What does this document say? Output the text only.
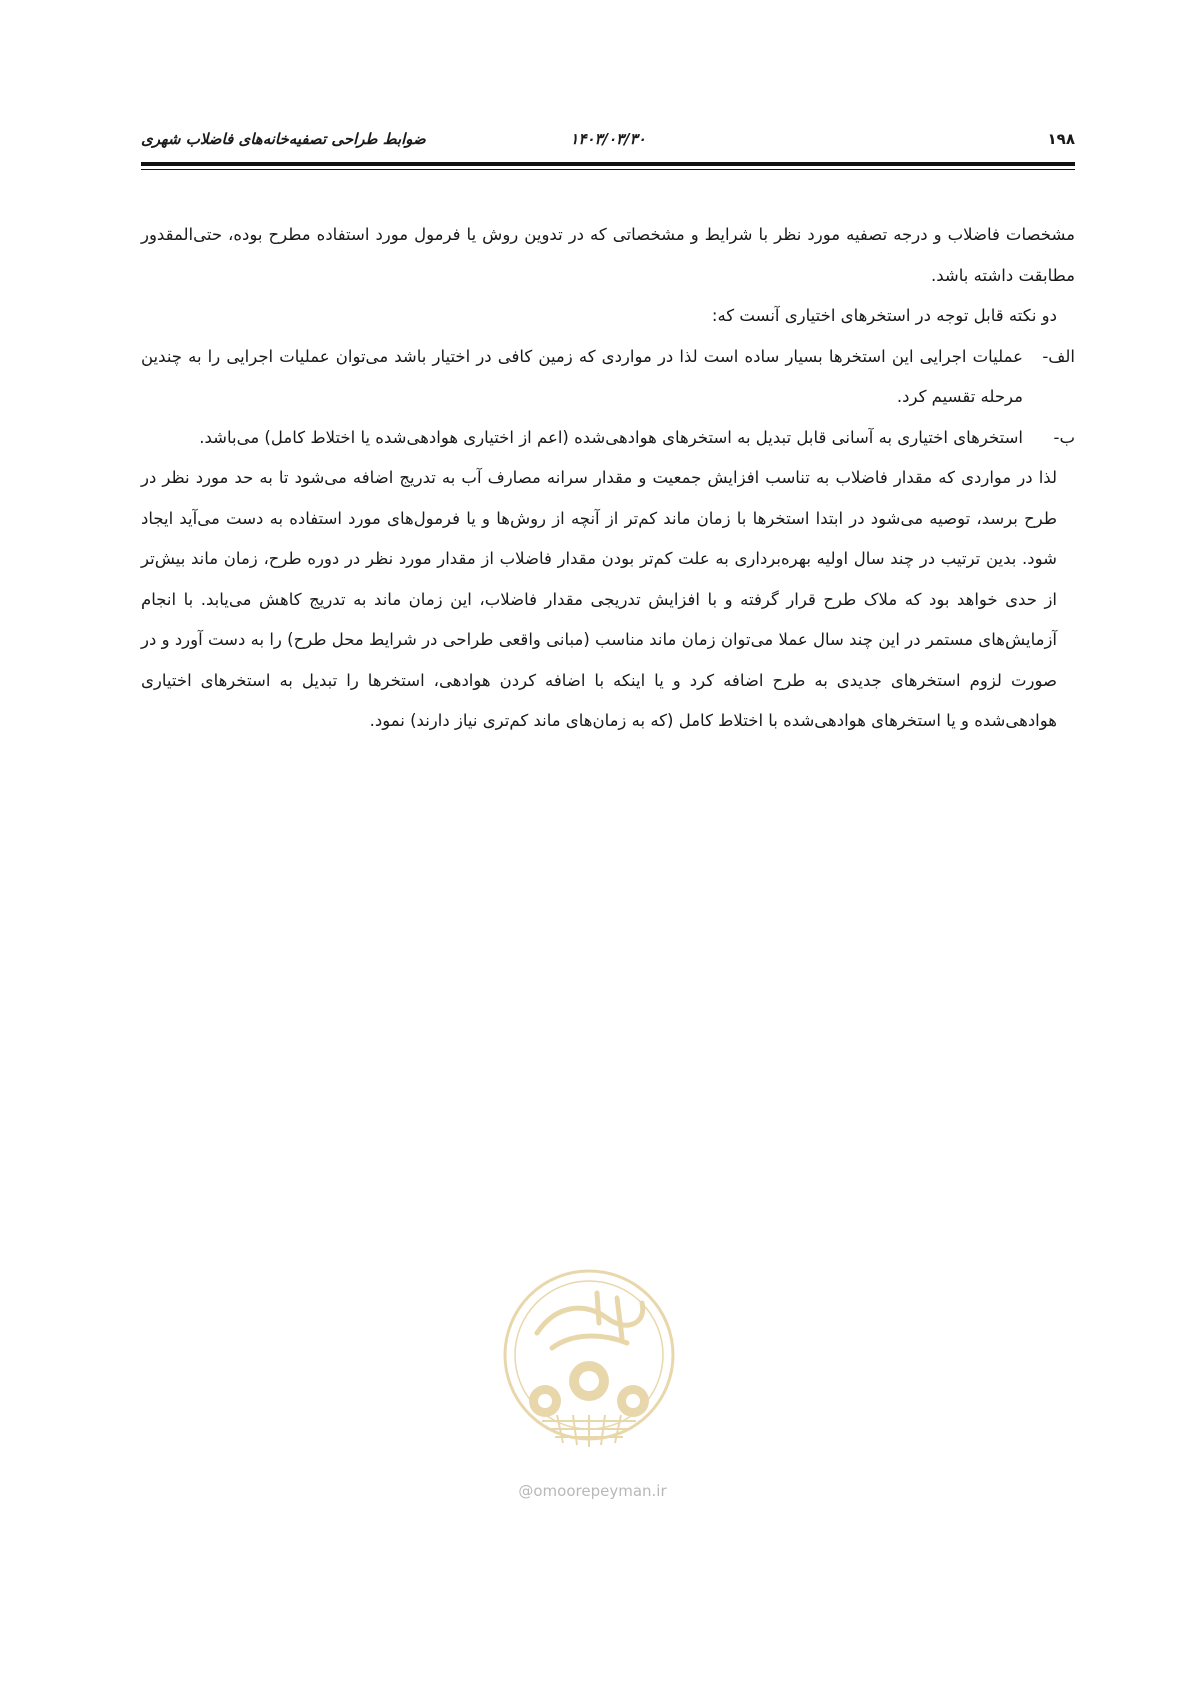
۱۹۸
۱۴۰۳/۰۳/۳۰
ضوابط طراحی تصفیه‌خانه‌های فاضلاب شهری

مشخصات فاضلاب و درجه تصفیه مورد نظر با شرایط و مشخصاتی که در تدوین روش یا فرمول مورد استفاده مطرح بوده، حتی‌المقدور مطابقت داشته باشد.

دو نکته قابل توجه در استخرهای اختیاری آنست که:

الف-
عملیات اجرایی این استخرها بسیار ساده است لذا در مواردی که زمین کافی در اختیار باشد می‌توان عملیات اجرایی را به چندین مرحله تقسیم کرد.

ب-
استخرهای اختیاری به آسانی قابل تبدیل به استخرهای هوادهی‌شده (اعم از اختیاری هوادهی‌شده یا اختلاط کامل) می‌باشد.

لذا در مواردی که مقدار فاضلاب به تناسب افزایش جمعیت و مقدار سرانه مصارف آب به تدریج اضافه می‌شود تا به حد مورد نظر در طرح برسد، توصیه می‌شود در ابتدا استخرها با زمان ماند کم‌تر از آنچه از روش‌ها و یا فرمول‌های مورد استفاده به دست می‌آید ایجاد شود. بدین ترتیب در چند سال اولیه بهره‌برداری به علت کم‌تر بودن مقدار فاضلاب از مقدار مورد نظر در دوره طرح، زمان ماند بیش‌تر از حدی خواهد بود که ملاک طرح قرار گرفته و با افزایش تدریجی مقدار فاضلاب، این زمان ماند به تدریج کاهش می‌یابد. با انجام آزمایش‌های مستمر در این چند سال عملا می‌توان زمان ماند مناسب (مبانی واقعی طراحی در شرایط محل طرح) را به دست آورد و در صورت لزوم استخرهای جدیدی به طرح اضافه کرد و یا اینکه با اضافه کردن هوادهی، استخرها را تبدیل به استخرهای اختیاری هوادهی‌شده و یا استخرهای هوادهی‌شده با اختلاط کامل (که به زمان‌های ماند کم‌تری نیاز دارند) نمود.

@omoorepeyman.ir
